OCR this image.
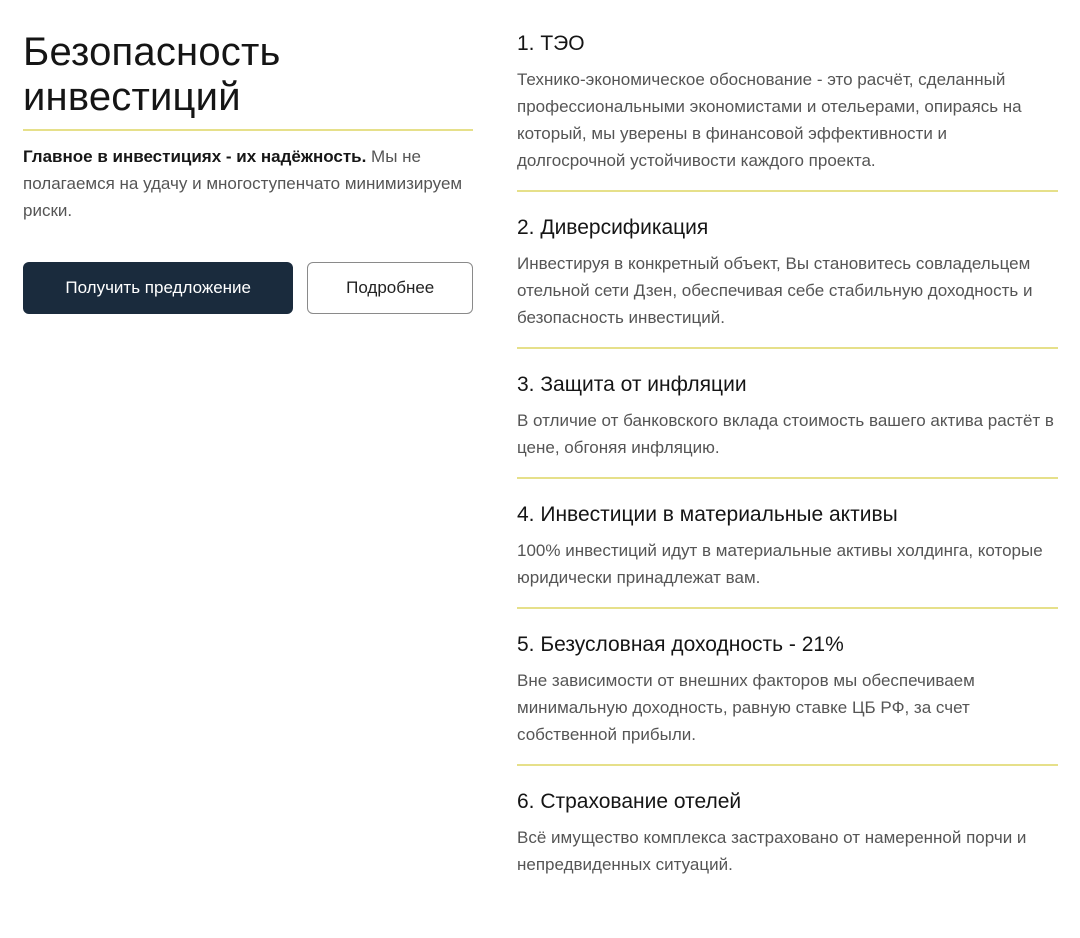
Безопасность
инвестиций

Главное в инвестициях - их надёжность. Мы не полагаемся на удачу и многоступенчато минимизируем риски.

Получить предложение	Подробнее
1. ТЭО

Технико-экономическое обоснование - это расчёт, сделанный профессиональными экономистами и отельерами, опираясь на который, мы уверены в финансовой эффективности и долгосрочной устойчивости каждого проекта.

2. Диверсификация

Инвестируя в конкретный объект, Вы становитесь совладельцем отельной сети Дзен, обеспечивая себе стабильную доходность и безопасность инвестиций.

3. Защита от инфляции

В отличие от банковского вклада стоимость вашего актива растёт в цене, обгоняя инфляцию.

4. Инвестиции в материальные активы

100% инвестиций идут в материальные активы холдинга, которые юридически принадлежат вам.

5. Безусловная доходность - 21%

Вне зависимости от внешних факторов мы обеспечиваем минимальную доходность, равную ставке ЦБ РФ, за счет собственной прибыли.

6. Страхование отелей

Всё имущество комплекса застраховано от намеренной порчи и непредвиденных ситуаций.
